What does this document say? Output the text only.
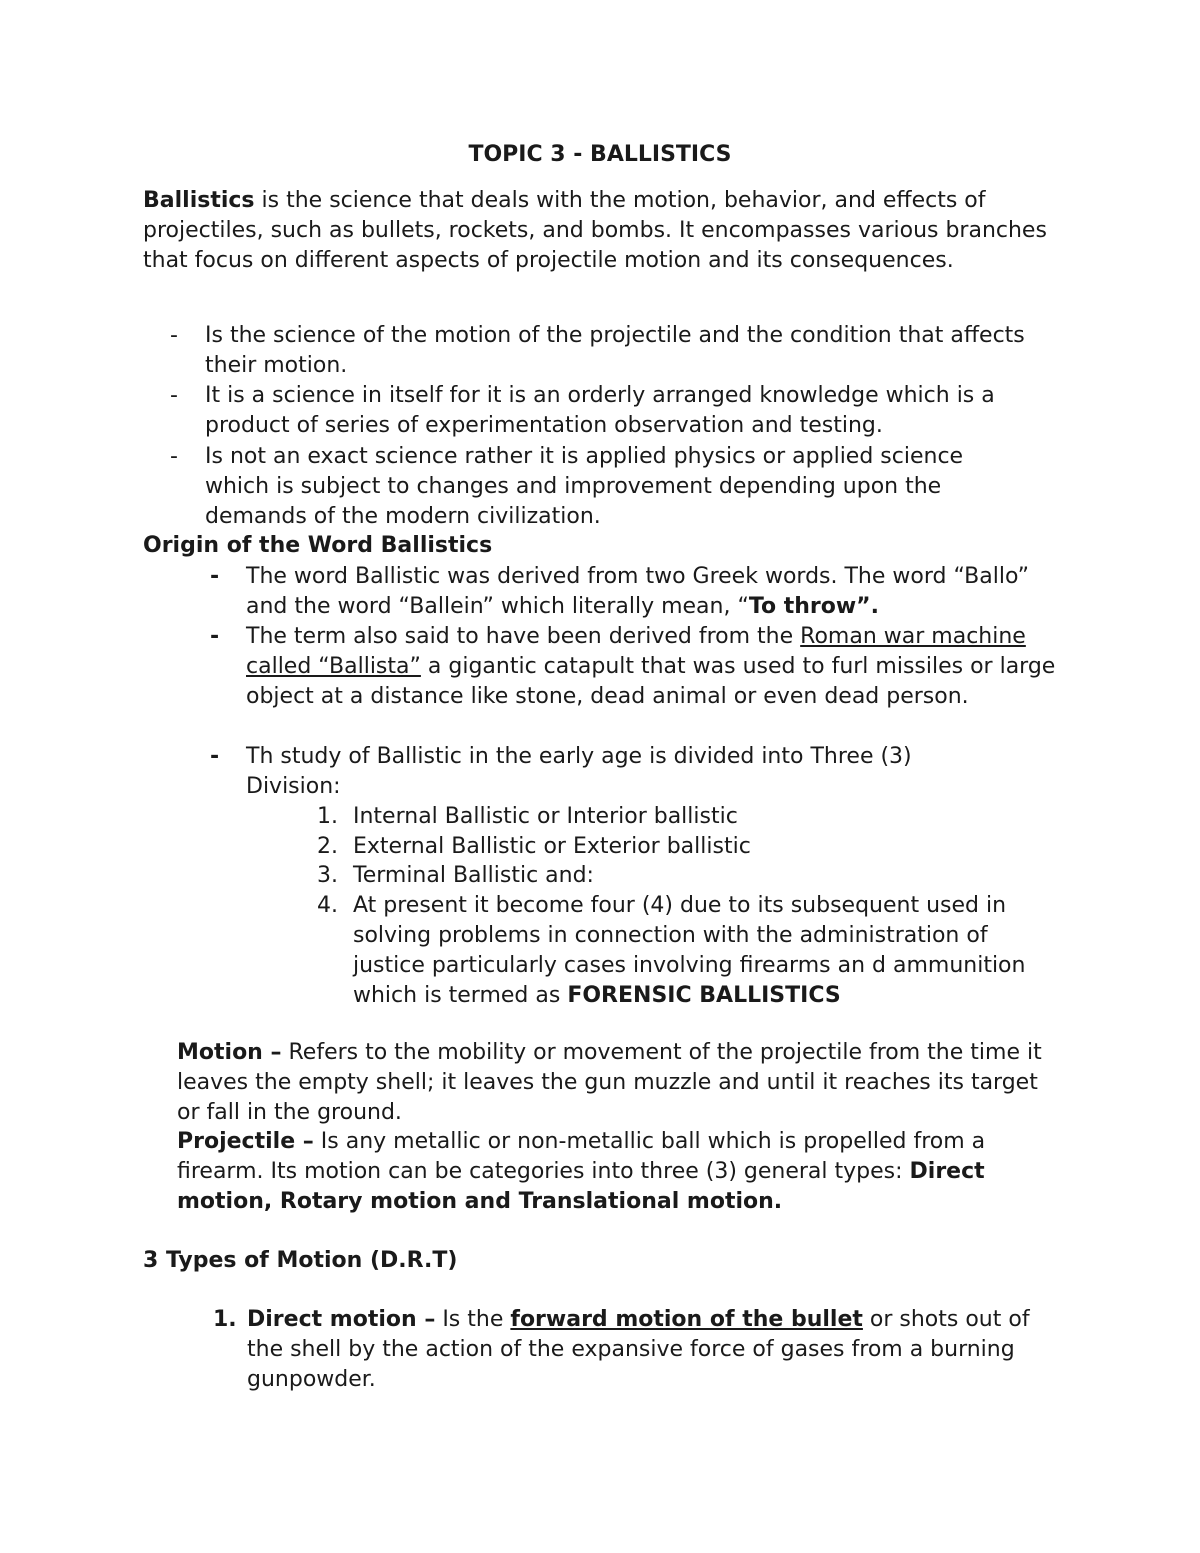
TOPIC 3 - BALLISTICS
Ballistics is the science that deals with the motion, behavior, and effects of projectiles, such as bullets, rockets, and bombs. It encompasses various branches that focus on different aspects of projectile motion and its consequences.
- Is the science of the motion of the projectile and the condition that affects their motion.
- It is a science in itself for it is an orderly arranged knowledge which is a product of series of experimentation observation and testing.
- Is not an exact science rather it is applied physics or applied science which is subject to changes and improvement depending upon the demands of the modern civilization.
Origin of the Word Ballistics
- The word Ballistic was derived from two Greek words. The word “Ballo” and the word “Ballein” which literally mean, “To throw”.
- The term also said to have been derived from the Roman war machine called “Ballista” a gigantic catapult that was used to furl missiles or large object at a distance like stone, dead animal or even dead person.
- Th study of Ballistic in the early age is divided into Three (3) Division:
1. Internal Ballistic or Interior ballistic
2. External Ballistic or Exterior ballistic
3. Terminal Ballistic and:
4. At present it become four (4) due to its subsequent used in solving problems in connection with the administration of justice particularly cases involving firearms an d ammunition which is termed as FORENSIC BALLISTICS
Motion – Refers to the mobility or movement of the projectile from the time it leaves the empty shell; it leaves the gun muzzle and until it reaches its target or fall in the ground.
Projectile – Is any metallic or non-metallic ball which is propelled from a firearm. Its motion can be categories into three (3) general types: Direct motion, Rotary motion and Translational motion.
3 Types of Motion (D.R.T)
1. Direct motion – Is the forward motion of the bullet or shots out of the shell by the action of the expansive force of gases from a burning gunpowder.
